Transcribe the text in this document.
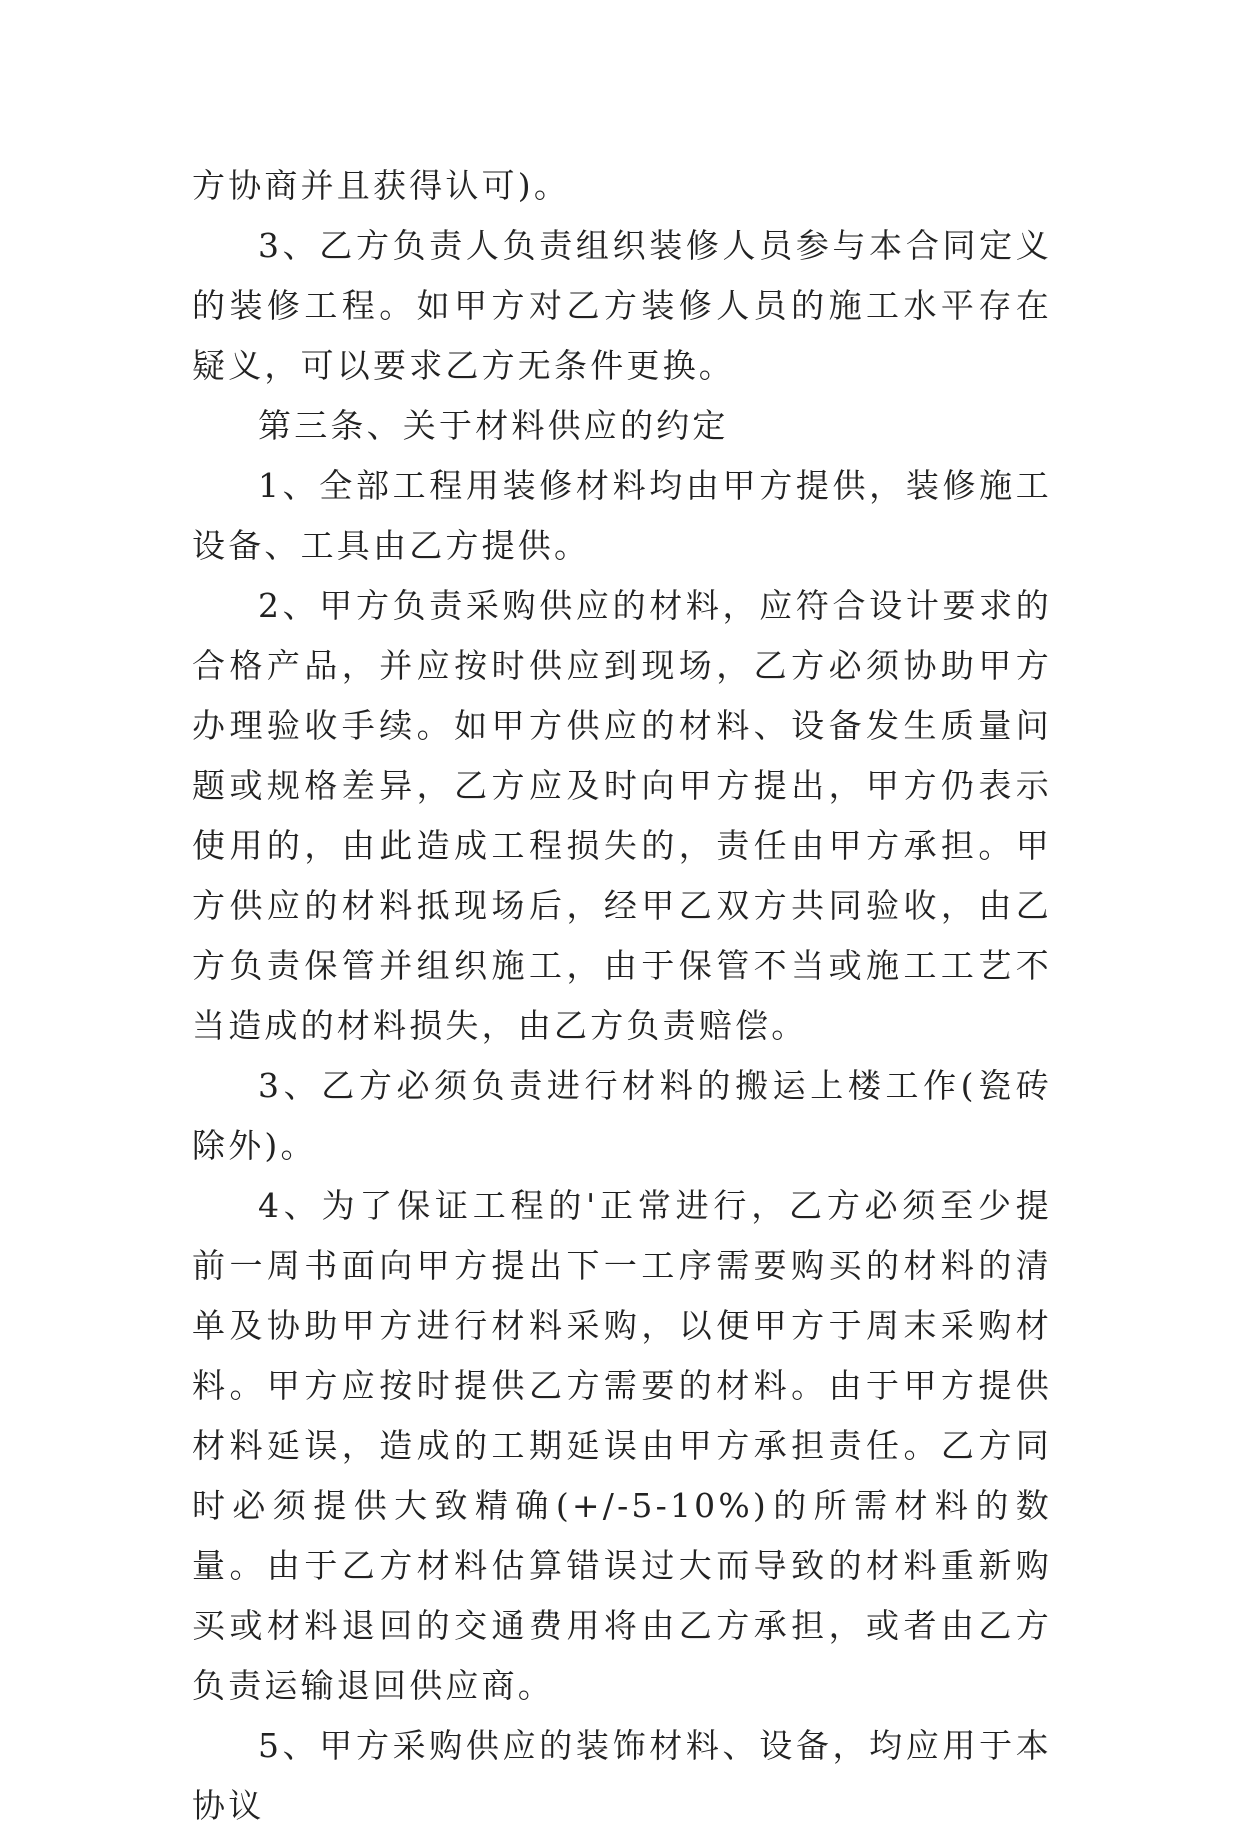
方协商并且获得认可)。

3、乙方负责人负责组织装修人员参与本合同定义的装修工程。如甲方对乙方装修人员的施工水平存在疑义，可以要求乙方无条件更换。

第三条、关于材料供应的约定

1、全部工程用装修材料均由甲方提供，装修施工设备、工具由乙方提供。

2、甲方负责采购供应的材料，应符合设计要求的合格产品，并应按时供应到现场，乙方必须协助甲方办理验收手续。如甲方供应的材料、设备发生质量问题或规格差异，乙方应及时向甲方提出，甲方仍表示使用的，由此造成工程损失的，责任由甲方承担。甲方供应的材料抵现场后，经甲乙双方共同验收，由乙方负责保管并组织施工，由于保管不当或施工工艺不当造成的材料损失，由乙方负责赔偿。

3、乙方必须负责进行材料的搬运上楼工作(瓷砖除外)。

4、为了保证工程的'正常进行，乙方必须至少提前一周书面向甲方提出下一工序需要购买的材料的清单及协助甲方进行材料采购，以便甲方于周末采购材料。甲方应按时提供乙方需要的材料。由于甲方提供材料延误，造成的工期延误由甲方承担责任。乙方同时必须提供大致精确(+/-5-10%)的所需材料的数量。由于乙方材料估算错误过大而导致的材料重新购买或材料退回的交通费用将由乙方承担，或者由乙方负责运输退回供应商。

5、甲方采购供应的装饰材料、设备，均应用于本协议
